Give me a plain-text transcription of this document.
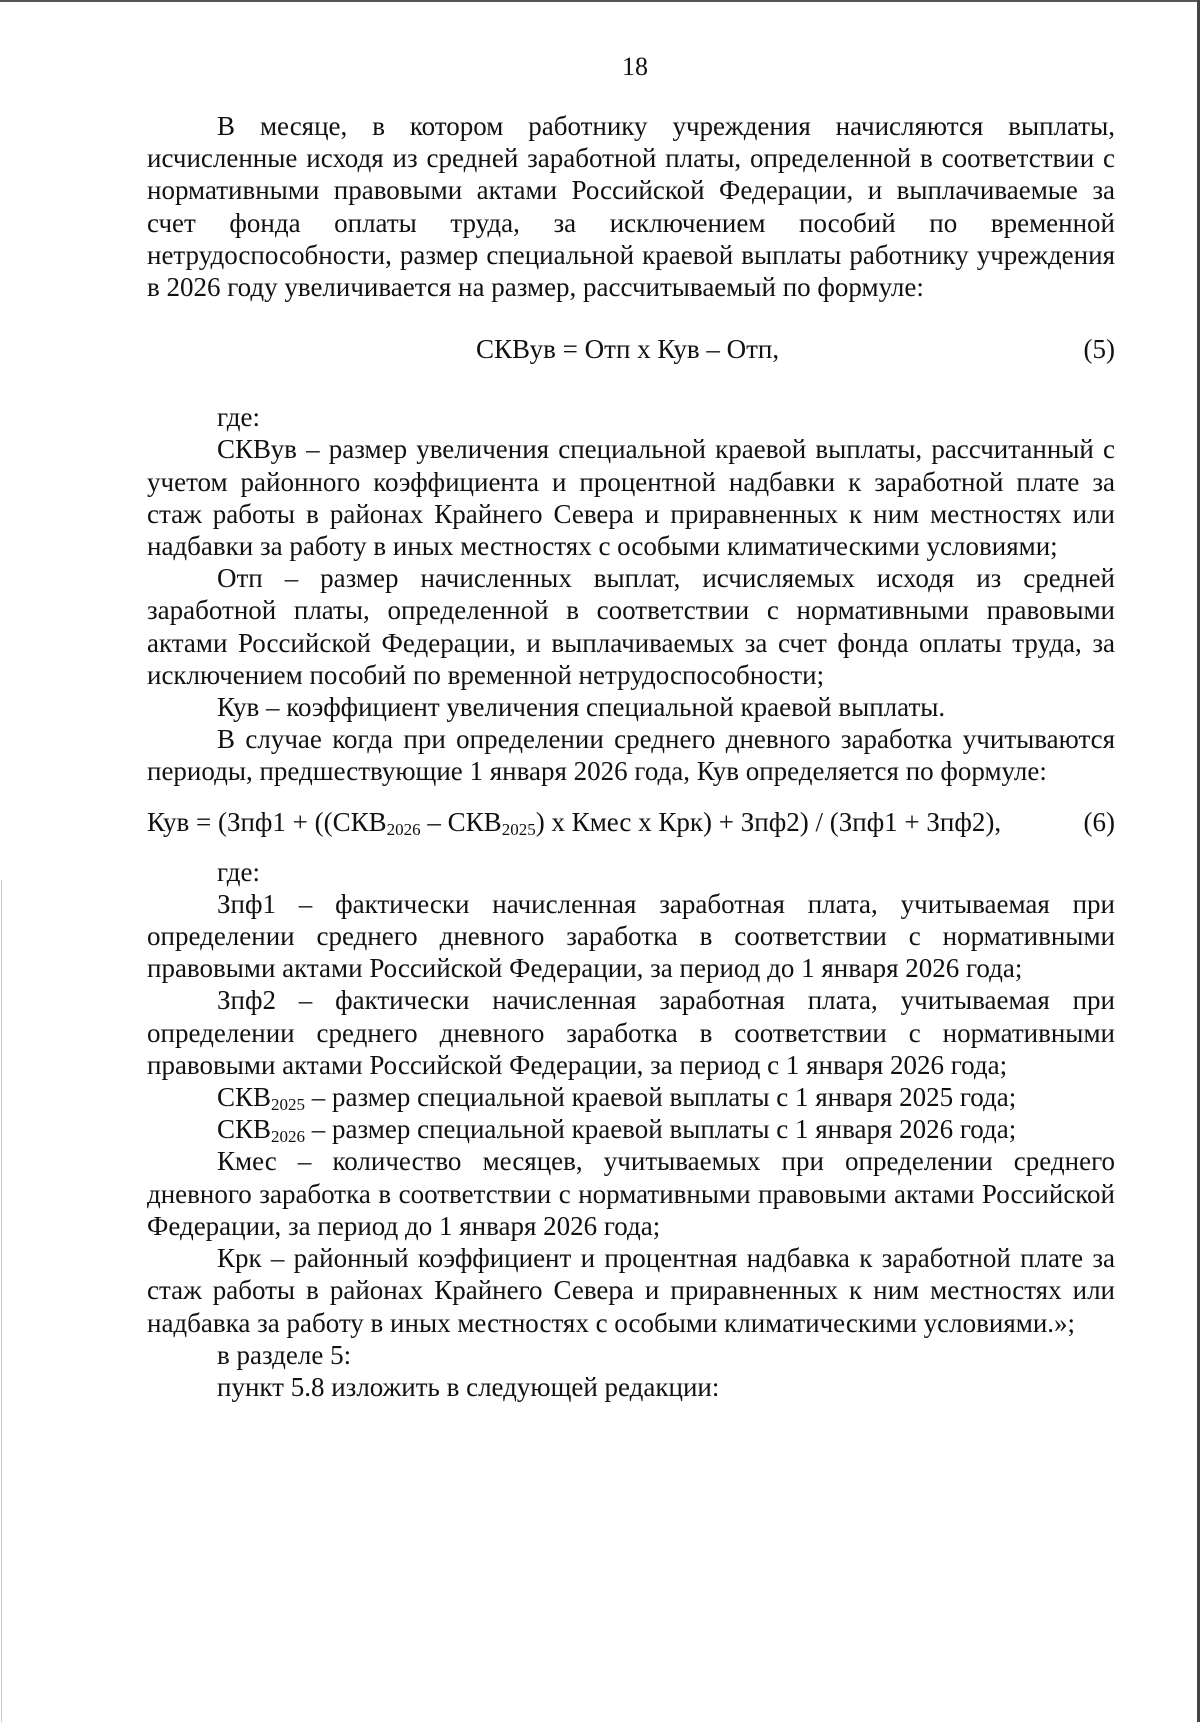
18

В месяце, в котором работнику учреждения начисляются выплаты, исчисленные исходя из средней заработной платы, определенной в соответствии с нормативными правовыми актами Российской Федерации, и выплачиваемые за счет фонда оплаты труда, за исключением пособий по временной нетрудоспособности, размер специальной краевой выплаты работнику учреждения в 2026 году увеличивается на размер, рассчитываемый по формуле:

СКВув = Отп х Кув – Отп,	(5)

где:

СКВув – размер увеличения специальной краевой выплаты, рассчитанный с учетом районного коэффициента и процентной надбавки к заработной плате за стаж работы в районах Крайнего Севера и приравненных к ним местностях или надбавки за работу в иных местностях с особыми климатическими условиями;

Отп – размер начисленных выплат, исчисляемых исходя из средней заработной платы, определенной в соответствии с нормативными правовыми актами Российской Федерации, и выплачиваемых за счет фонда оплаты труда, за исключением пособий по временной нетрудоспособности;

Кув – коэффициент увеличения специальной краевой выплаты.

В случае когда при определении среднего дневного заработка учитываются периоды, предшествующие 1 января 2026 года, Кув определяется по формуле:

Кув = ($Зпф1 + ((СКВ_{2026} - СКВ_{2025})$ х Кмес х Крк) + Зпф2) / (Зпф1 + Зпф2),	(6)

где:

Зпф1 – фактически начисленная заработная плата, учитываемая при определении среднего дневного заработка в соответствии с нормативными правовыми актами Российской Федерации, за период до 1 января 2026 года;

Зпф2 – фактически начисленная заработная плата, учитываемая при определении среднего дневного заработка в соответствии с нормативными правовыми актами Российской Федерации, за период с 1 января 2026 года;

$СКВ_{2025}$ – размер специальной краевой выплаты с 1 января 2025 года;

$СКВ_{2026}$ – размер специальной краевой выплаты с 1 января 2026 года;

Кмес – количество месяцев, учитываемых при определении среднего дневного заработка в соответствии с нормативными правовыми актами Российской Федерации, за период до 1 января 2026 года;

Крк – районный коэффициент и процентная надбавка к заработной плате за стаж работы в районах Крайнего Севера и приравненных к ним местностях или надбавка за работу в иных местностях с особыми климатическими условиями.»;

в разделе 5:

пункт 5.8 изложить в следующей редакции:
